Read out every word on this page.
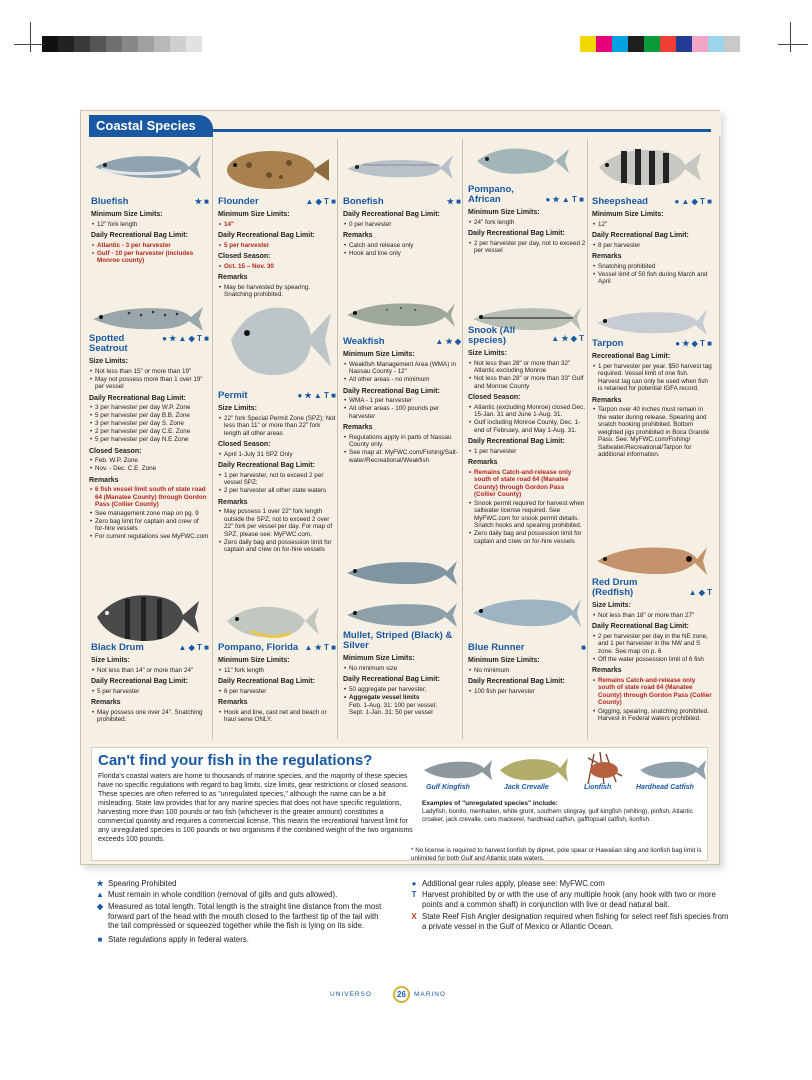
Coastal Species
Bluefish	★ ■
Minimum Size Limits:
• 12" fork length
Daily Recreational Bag Limit:
• Atlantic - 3 per harvester
• Gulf - 10 per harvester (includes Monroe county)
● ★ ▲ ◆ T ■
Spotted Seatrout
Size Limits:
• Not less than 15" or more than 19"
• May not possess more than 1 over 19" per vessel
Daily Recreational Bag Limit:
• 3 per harvester per day W.P. Zone
• 5 per harvester per day B.B. Zone
• 3 per harvester per day S. Zone
• 2 per harvester per day C.E. Zone
• 5 per harvester per day N.E Zone
Closed Season:
• Feb. W.P. Zone
• Nov. - Dec. C.E. Zone
Remarks
• 6 fish vessel limit south of state road 64 (Manatee County) through Gordon Pass (Collier County)
• See management zone map on pg. 9
• Zero bag limit for captain and crew of for-hire vessels
• For current regulations see MyFWC.com
Black Drum	▲ ◆ T ■
Size Limits:
• Not less than 14" or more than 24"
Daily Recreational Bag Limit:
• 5 per harvester
Remarks
• May possess one over 24". Snatching prohibited.
Flounder	▲ ◆ T ■
Minimum Size Limits:
• 14"
Daily Recreational Bag Limit:
• 5 per harvester
Closed Season:
• Oct. 15 – Nov. 30
Remarks
• May be harvested by spearing. Snatching prohibited.
Permit	● ★ ▲ T ■
Size Limits:
• 22" fork Special Permit Zone (SPZ); Not less than 11" or more than 22" fork length all other areas
Closed Season:
• April 1-July 31 SPZ Only
Daily Recreational Bag Limit:
• 1 per harvester, not to exceed 2 per vessel SPZ;
• 2 per harvester all other state waters
Remarks
• May possess 1 over 22" fork length outside the SPZ, not to exceed 2 over 22" fork per vessel per day. For map of SPZ, please see: MyFWC.com.
• Zero daily bag and possession limit for captain and crew on for-hire vessels
Pompano, Florida ▲ ★ T ■
Minimum Size Limits:
• 11" fork length
Daily Recreational Bag Limit:
• 6 per harvester
Remarks
• Hook and line, cast net and beach or haul seine ONLY.
Bonefish	★ ■
Daily Recreational Bag Limit:
• 0 per harvester
Remarks
• Catch and release only
• Hook and line only
Weakfish	▲ ★ ◆
Minimum Size Limits:
• Weakfish Management Area (WMA) in Nassau County - 12"
• All other areas - no minimum
Daily Recreational Bag Limit:
• WMA - 1 per harvester
• All other areas - 100 pounds per harvester
Remarks
• Regulations apply in parts of Nassau County only.
• See map at: MyFWC.com/Fishing/Salt-water/Recreational/Weakfish
Mullet, Striped (Black) & Silver
Minimum Size Limits:
• No minimum size
Daily Recreational Bag Limit:
• 50 aggregate per harvester;
• Aggregate vessel limits
Feb. 1-Aug. 31: 100 per vessel;
Sept. 1-Jan. 31: 50 per vessel
Pompano, African	● ★ ▲ T ■
Minimum Size Limits:
• 24" fork length
Daily Recreational Bag Limit:
• 2 per harvester per day, not to exceed 2 per vessel
Snook (All species)	▲ ★ ◆ T
Size Limits:
• Not less than 28" or more than 32" Atlantic excluding Monroe
• Not less than 28" or more than 33" Gulf and Monroe County
Closed Season:
• Atlantic (excluding Monroe) closed Dec. 15-Jan. 31 and June 1-Aug. 31.
• Gulf including Monroe County, Dec. 1-end of February, and May 1-Aug. 31.
Daily Recreational Bag Limit:
• 1 per harvester
Remarks
• Remains Catch-and-release only south of state road 64 (Manatee County) through Gordon Pass (Collier County)
• Snook permit required for harvest when saltwater license required. See MyFWC.com for snook permit details. Snatch hooks and spearing prohibited.
• Zero daily bag and possession limit for captain and crew on for-hire vessels
Blue Runner	■
Minimum Size Limits:
• No minimum
Daily Recreational Bag Limit:
• 100 fish per harvester
Sheepshead	● ▲ ◆ T ■
Minimum Size Limits:
• 12"
Daily Recreational Bag Limit:
• 8 per harvester
Remarks
• Snatching prohibited
• Vessel limit of 50 fish during March and April
Tarpon	● ★ ◆ T ■
Recreational Bag Limit:
• 1 per harvester per year. $50 harvest tag required. Vessel limit of one fish. Harvest tag can only be used when fish is retained for potential IGFA record.
Remarks
• Tarpon over 40 inches must remain in the water during release. Spearing and snatch hooking prohibited. Bottom weighted jigs prohibited in Boca Grande Pass. See: MyFWC.com/Fishing/ Saltwater/Recreational/Tarpon for additional information.
Red Drum (Redfish)	▲ ◆ T
Size Limits:
• Not less than 18" or more than 27"
Daily Recreational Bag Limit:
• 2 per harvester per day in the NE zone, and 1 per harvester in the NW and S zone. See map on p. 6
• Off the water possession limit of 6 fish
Remarks
• Remains Catch-and-release only south of state road 64 (Manatee County) through Gordon Pass (Collier County)
• Gigging, spearing, snatching prohibited. Harvest in Federal waters prohibited.
Can't find your fish in the regulations?
Florida's coastal waters are home to thousands of marine species, and the majority of these species have no specific regulations with regard to bag limits, size limits, gear restrictions or closed seasons. These species are often referred to as "unregulated species," although the name can be a bit misleading. State law provides that for any marine species that does not have specific regulations, harvesting more than 100 pounds or two fish (whichever is the greater amount) constitutes a commercial quantity and requires a commercial license. This means the recreational harvest limit for any unregulated species is 100 pounds or two organisms if the combined weight of the two organisms exceeds 100 pounds.
Gulf Kingfish	Jack Crevalle	Lionfish	Hardhead Catfish
Examples of "unregulated species" include:
Ladyfish, bonito, menhaden, white grunt, southern stingray, gulf kingfish (whiting), pinfish, Atlantic croaker, jack crevalle, cero mackerel, hardhead catfish, gafftopsail catfish, lionfish.
* No license is required to harvest lionfish by dipnet, pole spear or Hawaiian sling and lionfish bag limit is unlimited for both Gulf and Atlantic state waters.
★ Spearing Prohibited
▲ Must remain in whole condition (removal of gills and guts allowed).
◆ Measured as total length. Total length is the straight line distance from the most forward part of the head with the mouth closed to the farthest tip of the tail with the tail compressed or squeezed together while the fish is lying on its side.
■ State regulations apply in federal waters.
● Additional gear rules apply, please see: MyFWC.com
T Harvest prohibited by or with the use of any multiple hook (any hook with two or more points and a common shaft) in conjunction with live or dead natural bait.
X State Reef Fish Angler designation required when fishing for select reef fish species from a private vessel in the Gulf of Mexico or Atlantic Ocean.
UNIVERSO	26	MARINO
